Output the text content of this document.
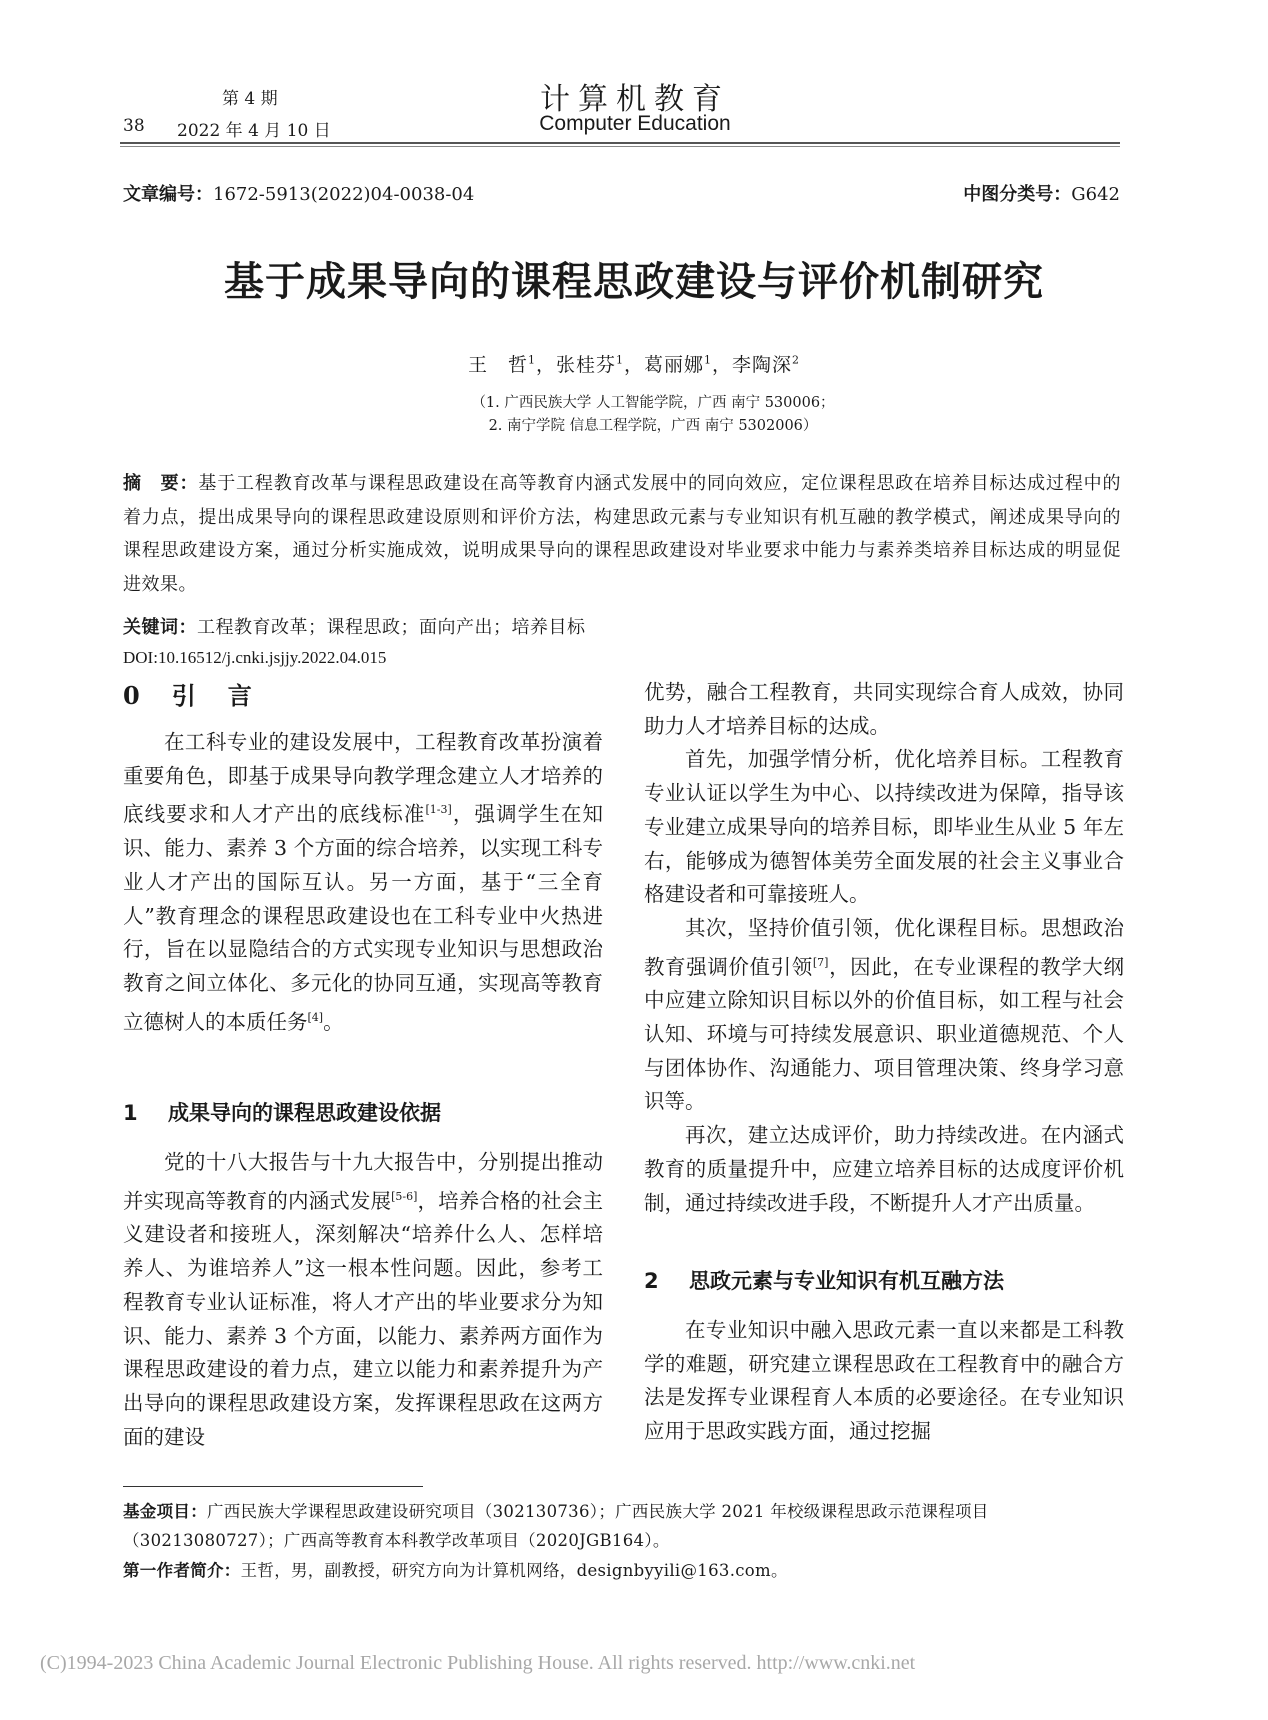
第 4 期
38 2022 年 4 月 10 日
计算机教育
Computer Education
文章编号：1672-5913(2022)04-0038-04	中图分类号：G642
基于成果导向的课程思政建设与评价机制研究
王　哲$^1$，张桂芬$^1$，葛丽娜$^1$，李陶深$^2$
（1. 广西民族大学 人工智能学院，广西 南宁 530006；
2. 南宁学院 信息工程学院，广西 南宁 5302006）
摘　要：基于工程教育改革与课程思政建设在高等教育内涵式发展中的同向效应，定位课程思政在培养目标达成过程中的着力点，提出成果导向的课程思政建设原则和评价方法，构建思政元素与专业知识有机互融的教学模式，阐述成果导向的课程思政建设方案，通过分析实施成效，说明成果导向的课程思政建设对毕业要求中能力与素养类培养目标达成的明显促进效果。
关键词：工程教育改革；课程思政；面向产出；培养目标
DOI:10.16512/j.cnki.jsjjy.2022.04.015
0　引　言

在工科专业的建设发展中，工程教育改革扮演着重要角色，即基于成果导向教学理念建立人才培养的底线要求和人才产出的底线标准[1-3]，强调学生在知识、能力、素养 3 个方面的综合培养，以实现工科专业人才产出的国际互认。另一方面，基于“三全育人”教育理念的课程思政建设也在工科专业中火热进行，旨在以显隐结合的方式实现专业知识与思想政治教育之间立体化、多元化的协同互通，实现高等教育立德树人的本质任务[4]。

1 成果导向的课程思政建设依据

党的十八大报告与十九大报告中，分别提出推动并实现高等教育的内涵式发展[5-6]，培养合格的社会主义建设者和接班人，深刻解决“培养什么人、怎样培养人、为谁培养人”这一根本性问题。因此，参考工程教育专业认证标准，将人才产出的毕业要求分为知识、能力、素养 3 个方面，以能力、素养两方面作为课程思政建设的着力点，建立以能力和素养提升为产出导向的课程思政建设方案，发挥课程思政在这两方面的建设

优势，融合工程教育，共同实现综合育人成效，协同助力人才培养目标的达成。

首先，加强学情分析，优化培养目标。工程教育专业认证以学生为中心、以持续改进为保障，指导该专业建立成果导向的培养目标，即毕业生从业 5 年左右，能够成为德智体美劳全面发展的社会主义事业合格建设者和可靠接班人。

其次，坚持价值引领，优化课程目标。思想政治教育强调价值引领[7]，因此，在专业课程的教学大纲中应建立除知识目标以外的价值目标，如工程与社会认知、环境与可持续发展意识、职业道德规范、个人与团体协作、沟通能力、项目管理决策、终身学习意识等。

再次，建立达成评价，助力持续改进。在内涵式教育的质量提升中，应建立培养目标的达成度评价机制，通过持续改进手段，不断提升人才产出质量。

2 思政元素与专业知识有机互融方法

在专业知识中融入思政元素一直以来都是工科教学的难题，研究建立课程思政在工程教育中的融合方法是发挥专业课程育人本质的必要途径。在专业知识应用于思政实践方面，通过挖掘

基金项目：广西民族大学课程思政建设研究项目（302130736）；广西民族大学 2021 年校级课程思政示范课程项目（30213080727）；广西高等教育本科教学改革项目（2020JGB164）。
第一作者简介：王哲，男，副教授，研究方向为计算机网络，designbyyili@163.com。
(C)1994-2023 China Academic Journal Electronic Publishing House. All rights reserved. http://www.cnki.net
